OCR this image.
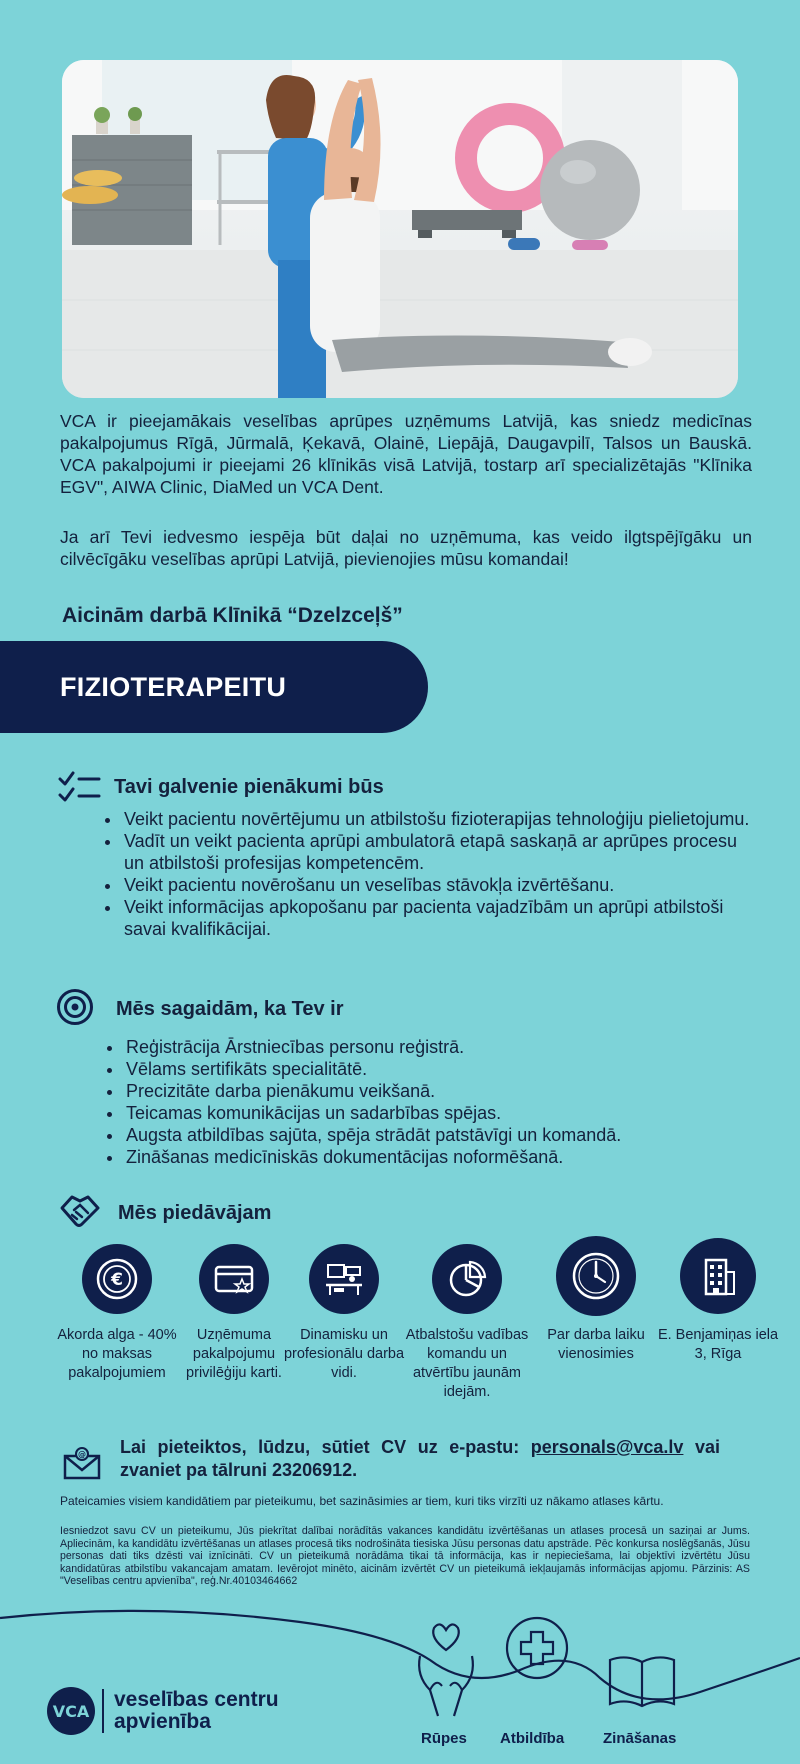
VCA ir pieejamākais veselības aprūpes uzņēmums Latvijā, kas sniedz medicīnas pakalpojumus Rīgā, Jūrmalā, Ķekavā, Olainē, Liepājā, Daugavpilī, Talsos un Bauskā. VCA pakalpojumi ir pieejami 26 klīnikās visā Latvijā, tostarp arī specializētajās "Klīnika EGV", AIWA Clinic, DiaMed un VCA Dent.

Ja arī Tevi iedvesmo iespēja būt daļai no uzņēmuma, kas veido ilgtspējīgāku un cilvēcīgāku veselības aprūpi Latvijā, pievienojies mūsu komandai!

Aicinām darbā Klīnikā “Dzelzceļš”
FIZIOTERAPEITU
Tavi galvenie pienākumi būs
• Veikt pacientu novērtējumu un atbilstošu fizioterapijas tehnoloģiju pielietojumu.
• Vadīt un veikt pacienta aprūpi ambulatorā etapā saskaņā ar aprūpes procesu un atbilstoši profesijas kompetencēm.
• Veikt pacientu novērošanu un veselības stāvokļa izvērtēšanu.
• Veikt informācijas apkopošanu par pacienta vajadzībām un aprūpi atbilstoši savai kvalifikācijai.
Mēs sagaidām, ka Tev ir
• Reģistrācija Ārstniecības personu reģistrā.
• Vēlams sertifikāts specialitātē.
• Precizitāte darba pienākumu veikšanā.
• Teicamas komunikācijas un sadarbības spējas.
• Augsta atbildības sajūta, spēja strādāt patstāvīgi un komandā.
• Zināšanas medicīniskās dokumentācijas noformēšanā.
Mēs piedāvājam
€
Akorda alga - 40% no maksas pakalpojumiem
Uzņēmuma pakalpojumu privilēģiju karti.
Dinamisku un profesionālu darba vidi.
Atbalstošu vadības komandu un atvērtību jaunām idejām.
Par darba laiku vienosimies
E. Benjamiņas iela 3, Rīga
@ Lai pieteiktos, lūdzu, sūtiet CV uz e-pastu: personals@vca.lv vai zvaniet pa tālruni 23206912.
Pateicamies visiem kandidātiem par pieteikumu, bet sazināsimies ar tiem, kuri tiks virzīti uz nākamo atlases kārtu.
Iesniedzot savu CV un pieteikumu, Jūs piekrītat dalībai norādītās vakances kandidātu izvērtēšanas un atlases procesā un saziņai ar Jums. Apliecinām, ka kandidātu izvērtēšanas un atlases procesā tiks nodrošināta tiesiska Jūsu personas datu apstrāde. Pēc konkursa noslēgšanās, Jūsu personas dati tiks dzēsti vai iznīcināti. CV un pieteikumā norādāma tikai tā informācija, kas ir nepieciešama, lai objektīvi izvērtētu Jūsu kandidatūras atbilstību vakancajam amatam. Ievērojot minēto, aicinām izvērtēt CV un pieteikumā iekļaujamās informācijas apjomu. Pārzinis: AS "Veselības centru apvienība", reģ.Nr.40103464662
Rūpes Atbildība	Zināšanas
VCA
veselības centru
apvienība
